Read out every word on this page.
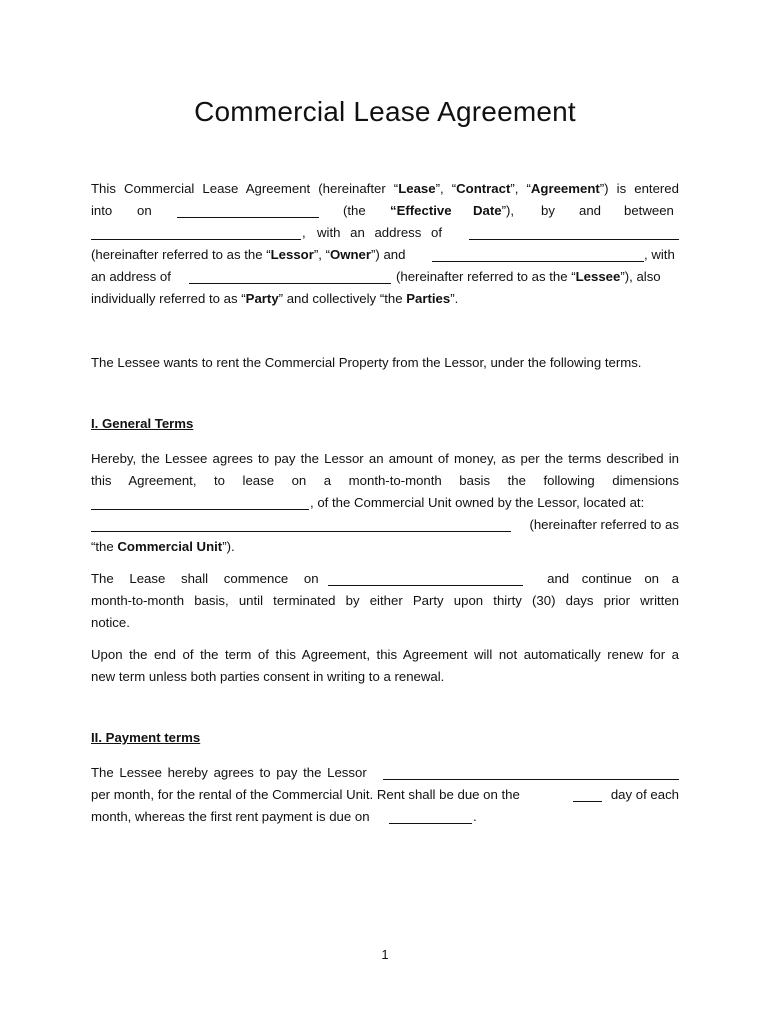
Commercial Lease Agreement
This Commercial Lease Agreement (hereinafter “Lease”, “Contract”, “Agreement”) is entered
into on	(the “Effective Date”), by and between
, with an address of
(hereinafter referred to as the “Lessor”, “Owner”) and	, with
an address of	(hereinafter referred to as the “Lessee”), also
individually referred to as “Party” and collectively “the Parties”.
The Lessee wants to rent the Commercial Property from the Lessor, under the following terms.
I. General Terms
Hereby, the Lessee agrees to pay the Lessor an amount of money, as per the terms described in
this Agreement, to lease on a month-to-month basis the following dimensions
, of the Commercial Unit owned by the Lessor, located at:
(hereinafter referred to as
“the Commercial Unit”).
The Lease shall commence on	and continue on a
month-to-month basis, until terminated by either Party upon thirty (30) days prior written
notice.
Upon the end of the term of this Agreement, this Agreement will not automatically renew for a
new term unless both parties consent in writing to a renewal.
II. Payment terms
The Lessee hereby agrees to pay the Lessor
per month, for the rental of the Commercial Unit. Rent shall be due on the	day of each
month, whereas the first rent payment is due on	.
1
